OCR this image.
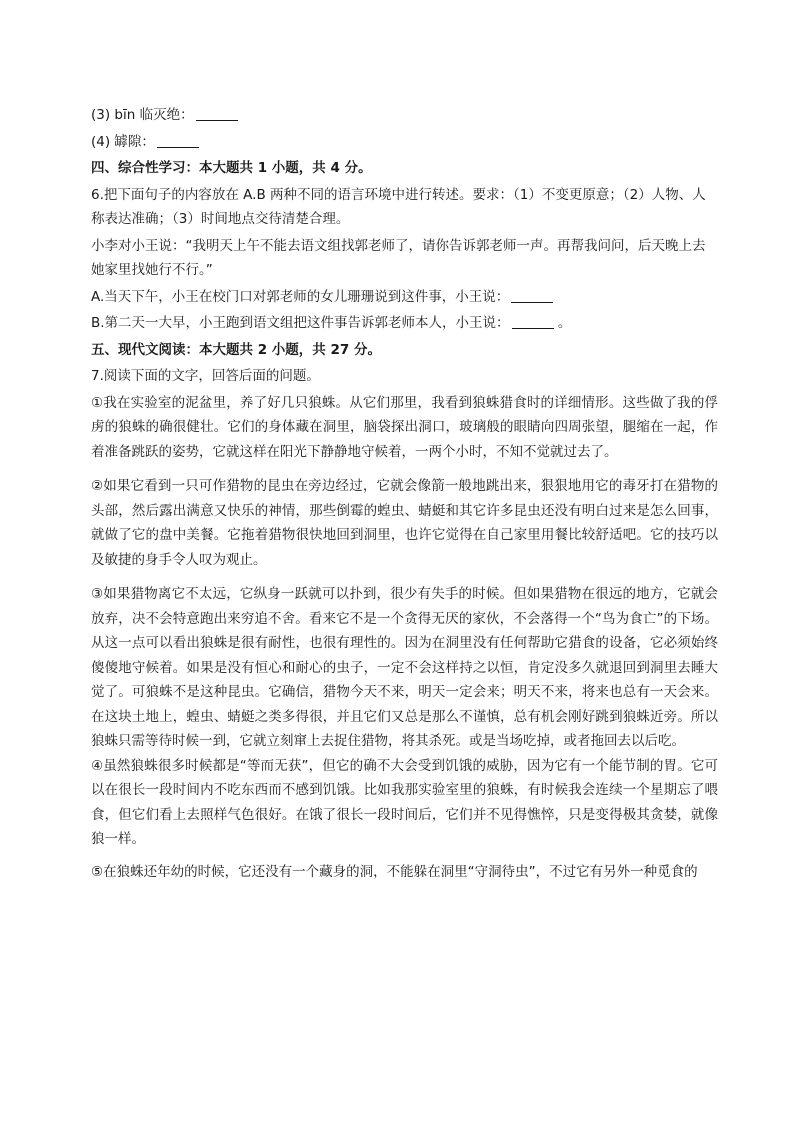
(3) bīn 临灭绝：

(4) 罅隙：

四、综合性学习：本大题共 1 小题，共 4 分。

6.把下面句子的内容放在 A.B 两种不同的语言环境中进行转述。要求：（1）不变更原意；（2）人物、人

称表达准确；（3）时间地点交待清楚合理。

小李对小王说：“我明天上午不能去语文组找郭老师了，请你告诉郭老师一声。再帮我问问，后天晚上去

她家里找她行不行。”

A.当天下午，小王在校门口对郭老师的女儿珊珊说到这件事，小王说：

B.第二天一大早，小王跑到语文组把这件事告诉郭老师本人，小王说：	。

五、现代文阅读：本大题共 2 小题，共 27 分。

7.阅读下面的文字，回答后面的问题。

①我在实验室的泥盆里，养了好几只狼蛛。从它们那里，我看到狼蛛猎食时的详细情形。这些做了我的俘虏的狼蛛的确很健壮。它们的身体藏在洞里，脑袋探出洞口，玻璃般的眼睛向四周张望，腿缩在一起，作着准备跳跃的姿势，它就这样在阳光下静静地守候着，一两个小时，不知不觉就过去了。

②如果它看到一只可作猎物的昆虫在旁边经过，它就会像箭一般地跳出来，狠狠地用它的毒牙打在猎物的头部，然后露出满意又快乐的神情，那些倒霉的蝗虫、蜻蜓和其它许多昆虫还没有明白过来是怎么回事，就做了它的盘中美餐。它拖着猎物很快地回到洞里，也许它觉得在自己家里用餐比较舒适吧。它的技巧以及敏捷的身手令人叹为观止。

③如果猎物离它不太远，它纵身一跃就可以扑到，很少有失手的时候。但如果猎物在很远的地方，它就会放弃，决不会特意跑出来穷追不舍。看来它不是一个贪得无厌的家伙，不会落得一个“鸟为食亡”的下场。从这一点可以看出狼蛛是很有耐性，也很有理性的。因为在洞里没有任何帮助它猎食的设备，它必须始终傻傻地守候着。如果是没有恒心和耐心的虫子，一定不会这样持之以恒，肯定没多久就退回到洞里去睡大觉了。可狼蛛不是这种昆虫。它确信，猎物今天不来，明天一定会来；明天不来，将来也总有一天会来。在这块土地上，蝗虫、蜻蜓之类多得很，并且它们又总是那么不谨慎，总有机会刚好跳到狼蛛近旁。所以狼蛛只需等待时候一到，它就立刻窜上去捉住猎物，将其杀死。或是当场吃掉，或者拖回去以后吃。

④虽然狼蛛很多时候都是“等而无获”，但它的确不大会受到饥饿的威胁，因为它有一个能节制的胃。它可以在很长一段时间内不吃东西而不感到饥饿。比如我那实验室里的狼蛛，有时候我会连续一个星期忘了喂食，但它们看上去照样气色很好。在饿了很长一段时间后，它们并不见得憔悴，只是变得极其贪婪，就像狼一样。

⑤在狼蛛还年幼的时候，它还没有一个藏身的洞，不能躲在洞里“守洞待虫”，不过它有另外一种觅食的
